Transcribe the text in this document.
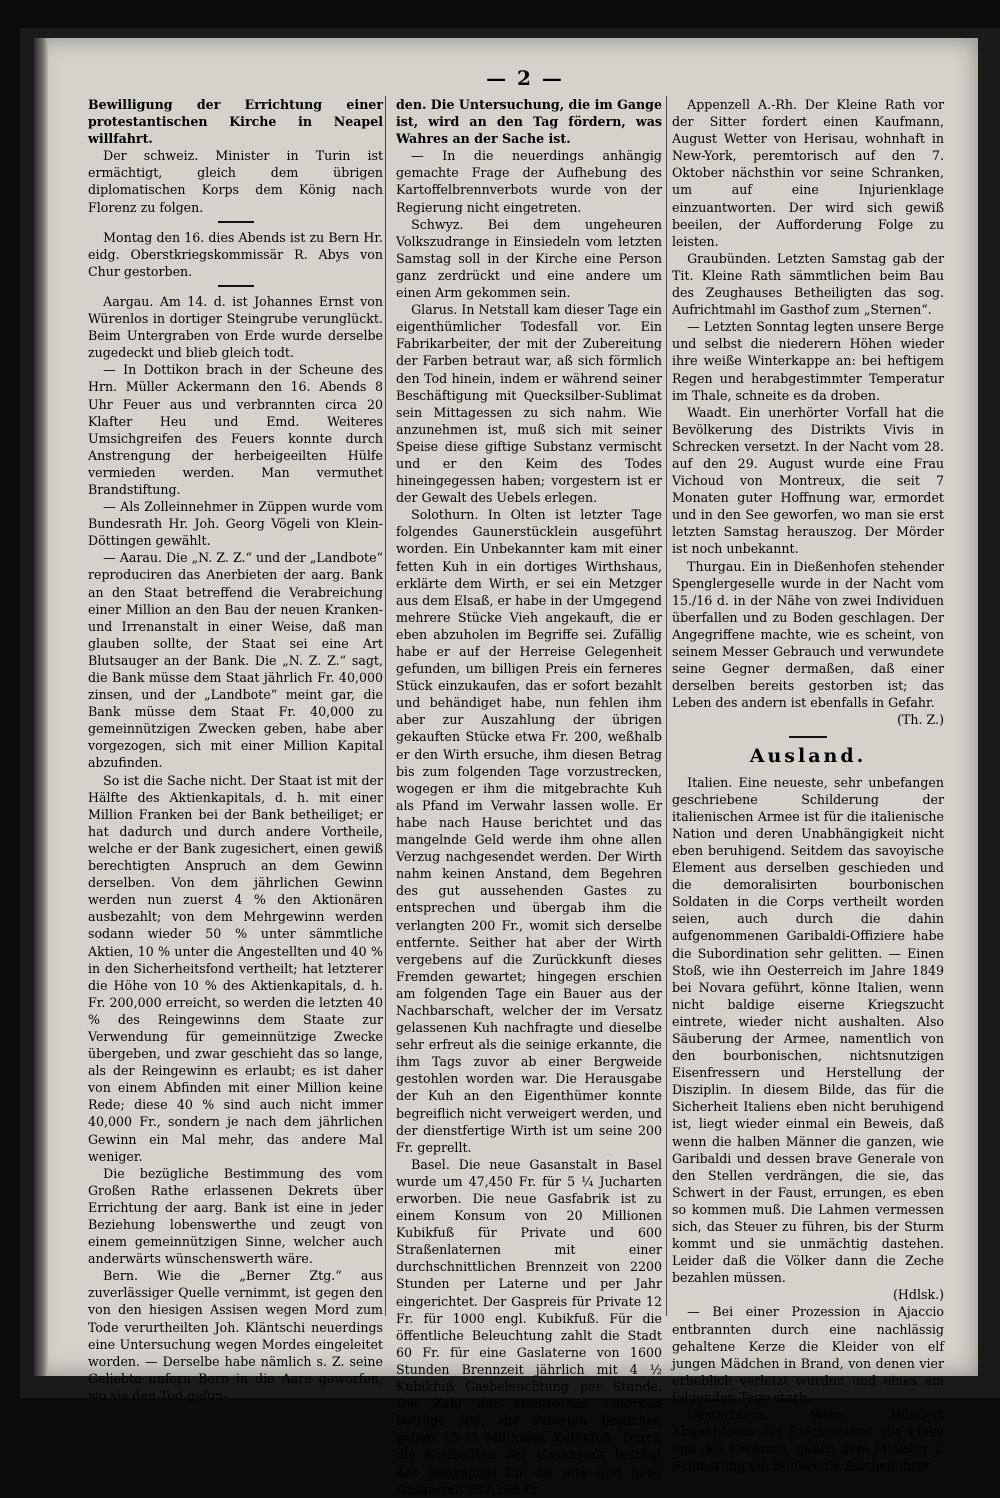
— 2 —

Bewilligung der Errichtung einer protestantischen Kirche in Neapel willfahrt.

Der schweiz. Minister in Turin ist ermächtigt, gleich dem übrigen diplomatischen Korps dem König nach Florenz zu folgen.

Montag den 16. dies Abends ist zu Bern Hr. eidg. Oberstkriegskommissär R. Abys von Chur gestorben.

Aargau. Am 14. d. ist Johannes Ernst von Würenlos in dortiger Steingrube verunglückt. Beim Untergraben von Erde wurde derselbe zugedeckt und blieb gleich todt.

— In Dottikon brach in der Scheune des Hrn. Müller Ackermann den 16. Abends 8 Uhr Feuer aus und verbrannten circa 20 Klafter Heu und Emd. Weiteres Umsichgreifen des Feuers konnte durch Anstrengung der herbeigeeilten Hülfe vermieden werden. Man vermuthet Brandstiftung.

— Als Zolleinnehmer in Züppen wurde vom Bundesrath Hr. Joh. Georg Vögeli von Klein-Döttingen gewählt.

— Aarau. Die „N. Z. Z.“ und der „Landbote“ reproduciren das Anerbieten der aarg. Bank an den Staat betreffend die Verabreichung einer Million an den Bau der neuen Kranken- und Irrenanstalt in einer Weise, daß man glauben sollte, der Staat sei eine Art Blutsauger an der Bank. Die „N. Z. Z.“ sagt, die Bank müsse dem Staat jährlich Fr. 40,000 zinsen, und der „Landbote“ meint gar, die Bank müsse dem Staat Fr. 40,000 zu gemeinnützigen Zwecken geben, habe aber vorgezogen, sich mit einer Million Kapital abzufinden.

So ist die Sache nicht. Der Staat ist mit der Hälfte des Aktienkapitals, d. h. mit einer Million Franken bei der Bank betheiliget; er hat dadurch und durch andere Vortheile, welche er der Bank zugesichert, einen gewiß berechtigten Anspruch an dem Gewinn derselben. Von dem jährlichen Gewinn werden nun zuerst 4 % den Aktionären ausbezahlt; von dem Mehrgewinn werden sodann wieder 50 % unter sämmtliche Aktien, 10 % unter die Angestellten und 40 % in den Sicherheitsfond vertheilt; hat letzterer die Höhe von 10 % des Aktienkapitals, d. h. Fr. 200,000 erreicht, so werden die letzten 40 % des Reingewinns dem Staate zur Verwendung für gemeinnützige Zwecke übergeben, und zwar geschieht das so lange, als der Reingewinn es erlaubt; es ist daher von einem Abfinden mit einer Million keine Rede; diese 40 % sind auch nicht immer 40,000 Fr., sondern je nach dem jährlichen Gewinn ein Mal mehr, das andere Mal weniger.

Die bezügliche Bestimmung des vom Großen Rathe erlassenen Dekrets über Errichtung der aarg. Bank ist eine in jeder Beziehung lobenswerthe und zeugt von einem gemeinnützigen Sinne, welcher auch anderwärts wünschenswerth wäre.

Bern. Wie die „Berner Ztg.“ aus zuverlässiger Quelle vernimmt, ist gegen den von den hiesigen Assisen wegen Mord zum Tode verurtheilten Joh. Kläntschi neuerdings eine Untersuchung wegen Mordes eingeleitet worden. — Derselbe habe nämlich s. Z. seine Geliebte unfern Bern in die Aare geworfen, wo sie den Tod gefun-

den. Die Untersuchung, die im Gange ist, wird an den Tag fördern, was Wahres an der Sache ist.

— In die neuerdings anhängig gemachte Frage der Aufhebung des Kartoffelbrennverbots wurde von der Regierung nicht eingetreten.

Schwyz. Bei dem ungeheuren Volkszudrange in Einsiedeln vom letzten Samstag soll in der Kirche eine Person ganz zerdrückt und eine andere um einen Arm gekommen sein.

Glarus. In Netstall kam dieser Tage ein eigenthümlicher Todesfall vor. Ein Fabrikarbeiter, der mit der Zubereitung der Farben betraut war, aß sich förmlich den Tod hinein, indem er während seiner Beschäftigung mit Quecksilber-Sublimat sein Mittagessen zu sich nahm. Wie anzunehmen ist, muß sich mit seiner Speise diese giftige Substanz vermischt und er den Keim des Todes hineingegessen haben; vorgestern ist er der Gewalt des Uebels erlegen.

Solothurn. In Olten ist letzter Tage folgendes Gaunerstücklein ausgeführt worden. Ein Unbekannter kam mit einer fetten Kuh in ein dortiges Wirthshaus, erklärte dem Wirth, er sei ein Metzger aus dem Elsaß, er habe in der Umgegend mehrere Stücke Vieh angekauft, die er eben abzuholen im Begriffe sei. Zufällig habe er auf der Herreise Gelegenheit gefunden, um billigen Preis ein ferneres Stück einzukaufen, das er sofort bezahlt und behändiget habe, nun fehlen ihm aber zur Auszahlung der übrigen gekauften Stücke etwa Fr. 200, weßhalb er den Wirth ersuche, ihm diesen Betrag bis zum folgenden Tage vorzustrecken, wogegen er ihm die mitgebrachte Kuh als Pfand im Verwahr lassen wolle. Er habe nach Hause berichtet und das mangelnde Geld werde ihm ohne allen Verzug nachgesendet werden. Der Wirth nahm keinen Anstand, dem Begehren des gut aussehenden Gastes zu entsprechen und übergab ihm die verlangten 200 Fr., womit sich derselbe entfernte. Seither hat aber der Wirth vergebens auf die Zurückkunft dieses Fremden gewartet; hingegen erschien am folgenden Tage ein Bauer aus der Nachbarschaft, welcher der im Versatz gelassenen Kuh nachfragte und dieselbe sehr erfreut als die seinige erkannte, die ihm Tags zuvor ab einer Bergweide gestohlen worden war. Die Herausgabe der Kuh an den Eigenthümer konnte begreiflich nicht verweigert werden, und der dienstfertige Wirth ist um seine 200 Fr. geprellt.

Basel. Die neue Gasanstalt in Basel wurde um 47,450 Fr. für 5 ¼ Jucharten erworben. Die neue Gasfabrik ist zu einem Konsum von 20 Millionen Kubikfuß für Private und 600 Straßenlaternen mit einer durchschnittlichen Brennzeit von 2200 Stunden per Laterne und per Jahr eingerichtet. Der Gaspreis für Private 12 Fr. für 1000 engl. Kubikfuß. Für die öffentliche Beleuchtung zahlt die Stadt 60 Fr. für eine Gaslaterne von 1600 Stunden Brennzeit jährlich mit 4 ½ Kubikfuß Gasbeleuchtung per Stunde. Die Zahl der städtischen Laternen beträgt 505, die Privaten brauchen gegen 15 ½ Millionen Kubikfuß. Durch die Neubauten der Gasanstalt beträgt das Baukapital für die alte und neue Gasanstalt 897,208 Fr.

Appenzell A.-Rh. Der Kleine Rath vor der Sitter fordert einen Kaufmann, August Wetter von Herisau, wohnhaft in New-York, peremtorisch auf den 7. Oktober nächsthin vor seine Schranken, um auf eine Injurienklage einzuantworten. Der wird sich gewiß beeilen, der Aufforderung Folge zu leisten.

Graubünden. Letzten Samstag gab der Tit. Kleine Rath sämmtlichen beim Bau des Zeughauses Betheiligten das sog. Aufrichtmahl im Gasthof zum „Sternen“.

— Letzten Sonntag legten unsere Berge und selbst die niederern Höhen wieder ihre weiße Winterkappe an: bei heftigem Regen und herabgestimmter Temperatur im Thale, schneite es da droben.

Waadt. Ein unerhörter Vorfall hat die Bevölkerung des Distrikts Vivis in Schrecken versetzt. In der Nacht vom 28. auf den 29. August wurde eine Frau Vichoud von Montreux, die seit 7 Monaten guter Hoffnung war, ermordet und in den See geworfen, wo man sie erst letzten Samstag herauszog. Der Mörder ist noch unbekannt.

Thurgau. Ein in Dießenhofen stehender Spenglergeselle wurde in der Nacht vom 15./16 d. in der Nähe von zwei Individuen überfallen und zu Boden geschlagen. Der Angegriffene machte, wie es scheint, von seinem Messer Gebrauch und verwundete seine Gegner dermaßen, daß einer derselben bereits gestorben ist; das Leben des andern ist ebenfalls in Gefahr.

(Th. Z.)

Ausland.

Italien. Eine neueste, sehr unbefangen geschriebene Schilderung der italienischen Armee ist für die italienische Nation und deren Unabhängigkeit nicht eben beruhigend. Seitdem das savoyische Element aus derselben geschieden und die demoralisirten bourbonischen Soldaten in die Corps vertheilt worden seien, auch durch die dahin aufgenommenen Garibaldi-Offiziere habe die Subordination sehr gelitten. — Einen Stoß, wie ihn Oesterreich im Jahre 1849 bei Novara geführt, könne Italien, wenn nicht baldige eiserne Kriegszucht eintrete, wieder nicht aushalten. Also Säuberung der Armee, namentlich von den bourbonischen, nichtsnutzigen Eisenfressern und Herstellung der Disziplin. In diesem Bilde, das für die Sicherheit Italiens eben nicht beruhigend ist, liegt wieder einmal ein Beweis, daß wenn die halben Männer die ganzen, wie Garibaldi und dessen brave Generale von den Stellen verdrängen, die sie, das Schwert in der Faust, errungen, es eben so kommen muß. Die Lahmen vermessen sich, das Steuer zu führen, bis der Sturm kommt und sie unmächtig dastehen. Leider daß die Völker dann die Zeche bezahlen müssen.

(Hdlsk.)

— Bei einer Prozession in Ajaccio entbrannten durch eine nachlässig gehaltene Kerze die Kleider von elf jungen Mädchen in Brand, von denen vier erheblich verletzt wurden und eines am folgenden Tage starb.

Oesterreich. Wien. Hundert Abgeordnete des Reichsrathes, die Linke und das Centrum, gaben dem Minister v. Schmerling ein Banket als Zeichen ihrer
